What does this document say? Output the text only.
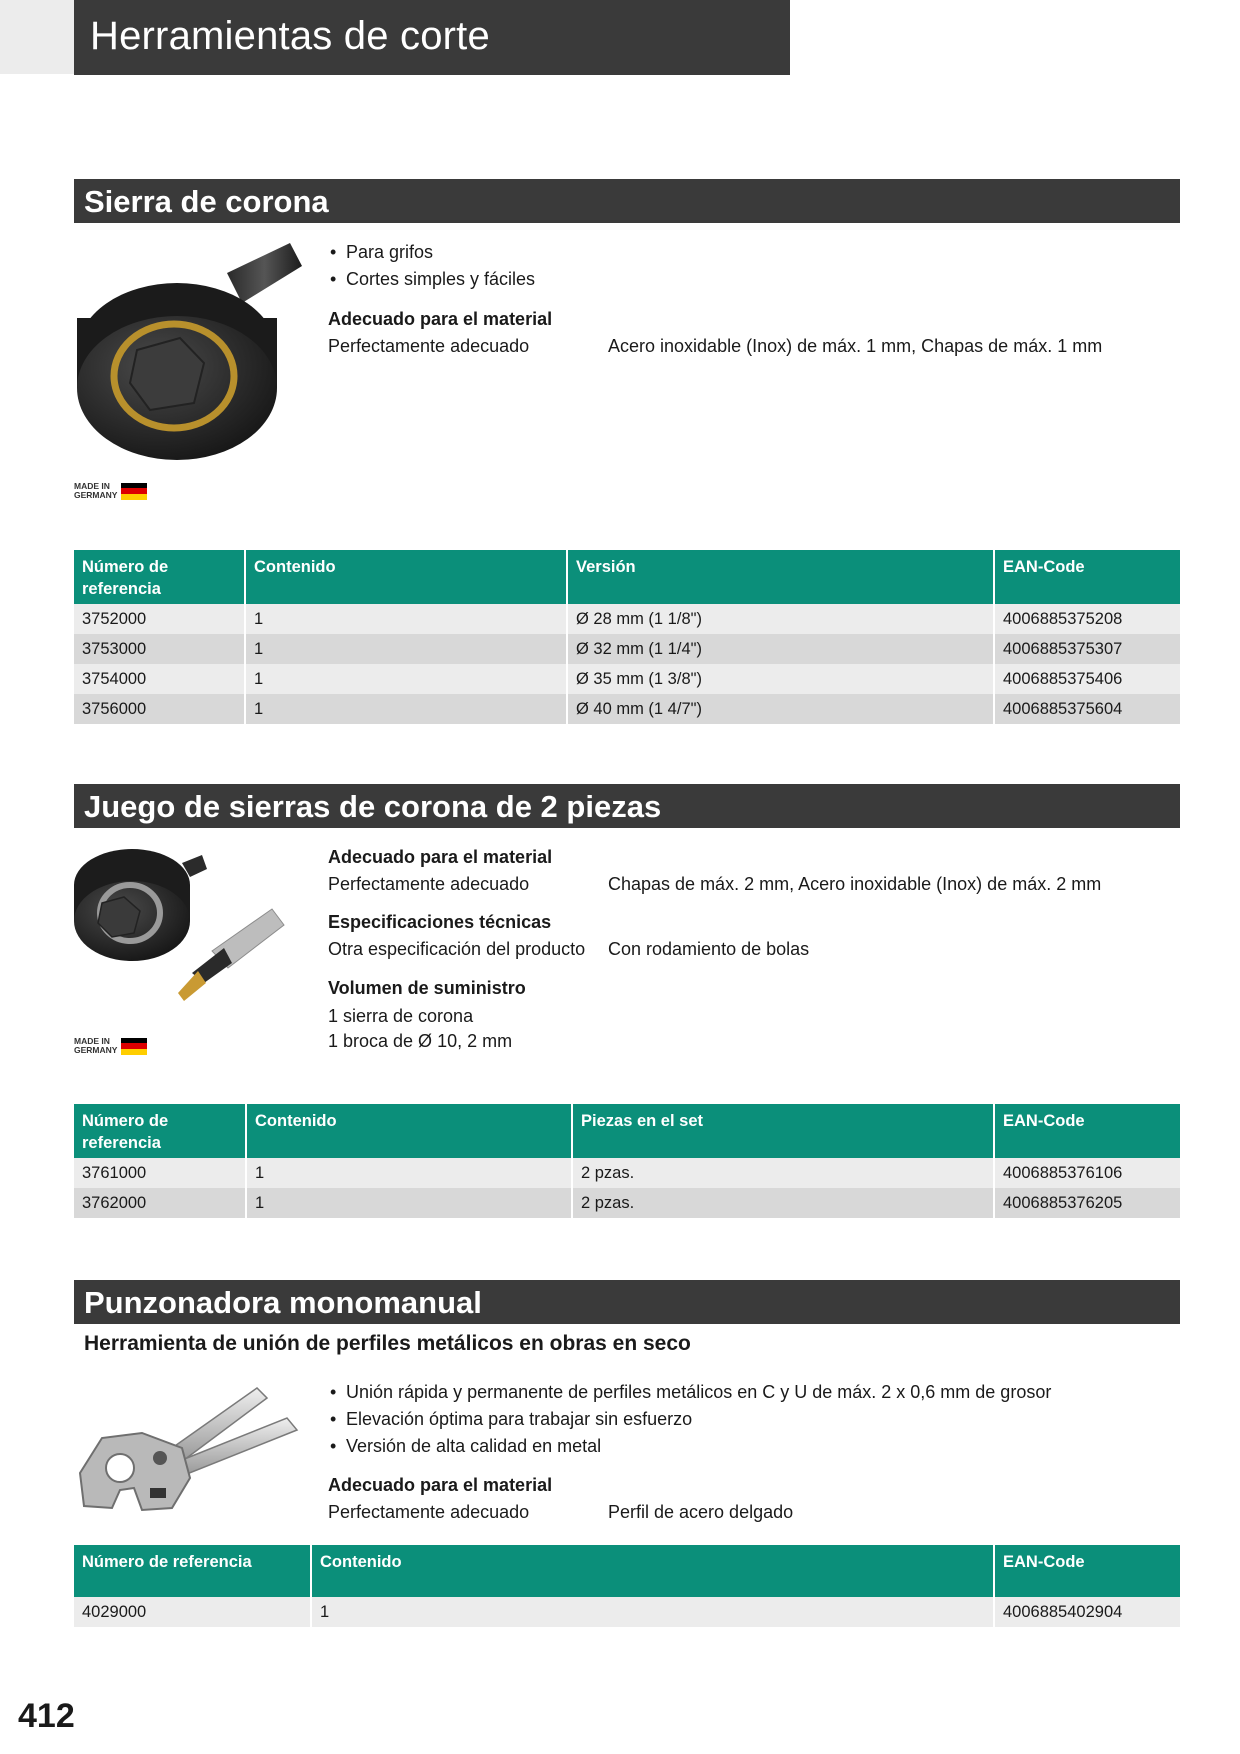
Herramientas de corte
Sierra de corona
MADE IN
GERMANY
• Para grifos
• Cortes simples y fáciles
Adecuado para el material
Perfectamente adecuado	Acero inoxidable (Inox) de máx. 1 mm, Chapas de máx. 1 mm
Número de referencia	Contenido	Versión	EAN-Code
3752000	1	Ø 28 mm (1 1/8")	4006885375208
3753000	1	Ø 32 mm (1 1/4")	4006885375307
3754000	1	Ø 35 mm (1 3/8")	4006885375406
3756000	1	Ø 40 mm (1 4/7")	4006885375604
Juego de sierras de corona de 2 piezas
MADE IN
GERMANY
Adecuado para el material
Perfectamente adecuado	Chapas de máx. 2 mm, Acero inoxidable (Inox) de máx. 2 mm
Especificaciones técnicas
Otra especificación del producto Con rodamiento de bolas
Volumen de suministro
1 sierra de corona
1 broca de Ø 10, 2 mm
Número de referencia	Contenido	Piezas en el set	EAN-Code
3761000	1	2 pzas.	4006885376106
3762000	1	2 pzas.	4006885376205
Punzonadora monomanual
Herramienta de unión de perfiles metálicos en obras en seco
• Unión rápida y permanente de perfiles metálicos en C y U de máx. 2 x 0,6 mm de grosor
• Elevación óptima para trabajar sin esfuerzo
• Versión de alta calidad en metal
Adecuado para el material
Perfectamente adecuado	Perfil de acero delgado
Número de referencia	Contenido	EAN-Code
4029000	1	4006885402904
412
